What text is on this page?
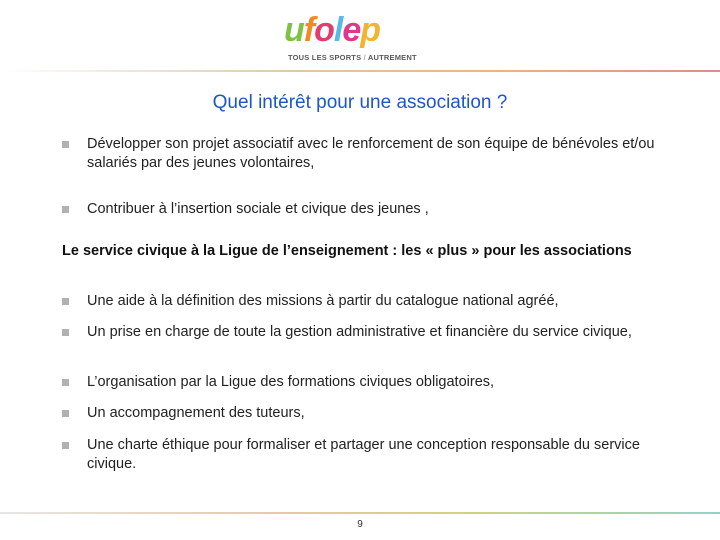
ufolep
TOUS LES SPORTS / AUTREMENT
Quel intérêt pour une association ?
Développer son projet associatif avec le renforcement de son équipe de bénévoles et/ou salariés par des jeunes volontaires,
Contribuer à l’insertion sociale et civique des jeunes ,
Le service civique à la Ligue de l’enseignement : les « plus » pour les associations
Une aide à la définition des missions à partir du catalogue national agréé,
Un prise en charge de toute la gestion administrative et financière du service civique,
L’organisation par la Ligue des formations civiques obligatoires,
Un accompagnement des tuteurs,
Une charte éthique pour formaliser et partager une conception responsable du service civique.
9
